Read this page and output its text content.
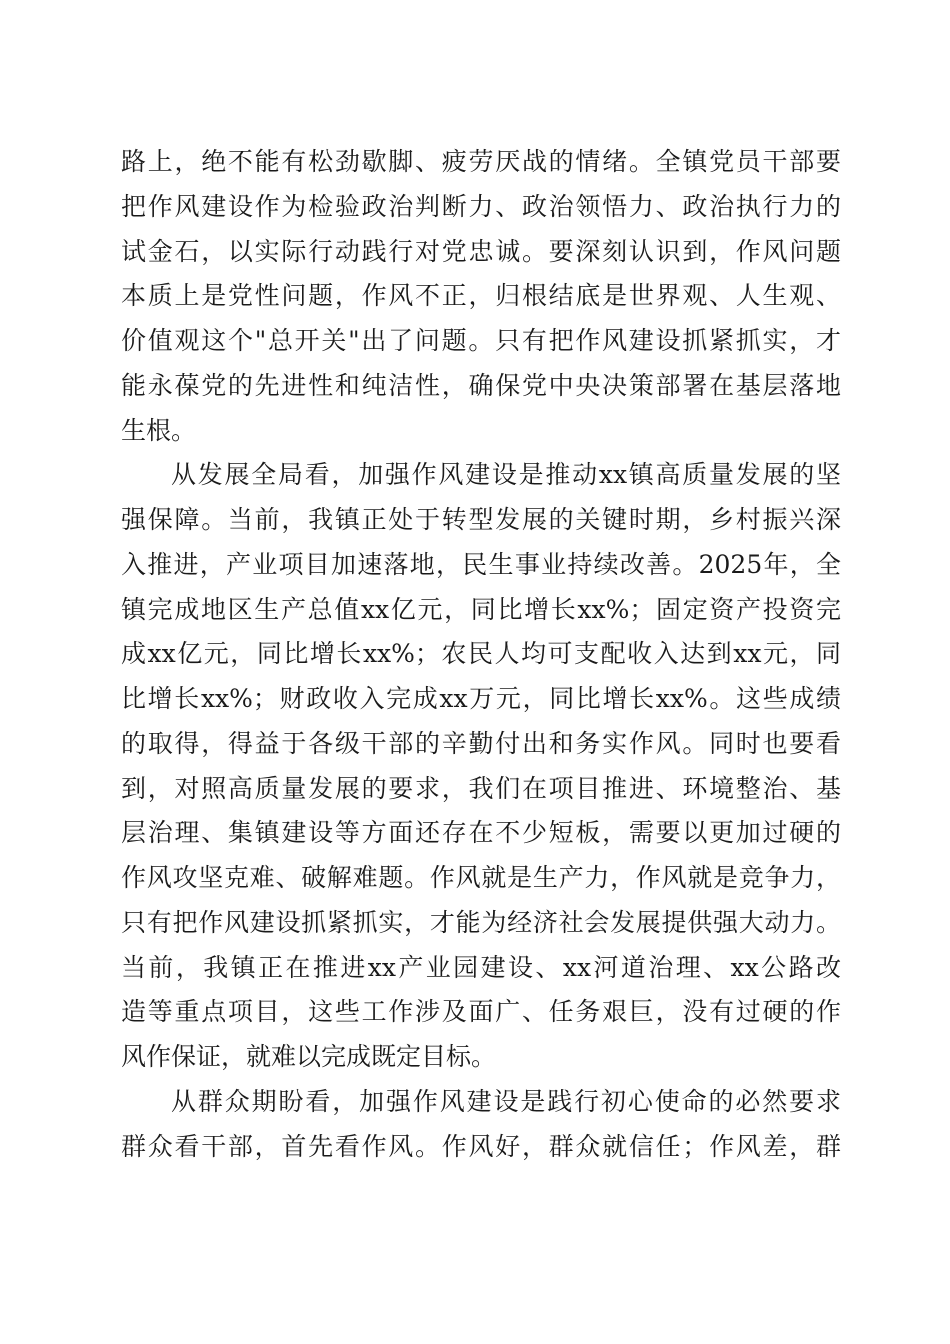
路上，绝不能有松劲歇脚、疲劳厌战的情绪。全镇党员干部要
把作风建设作为检验政治判断力、政治领悟力、政治执行力的
试金石，以实际行动践行对党忠诚。要深刻认识到，作风问题
本质上是党性问题，作风不正，归根结底是世界观、人生观、
价值观这个"总开关"出了问题。只有把作风建设抓紧抓实，才
能永葆党的先进性和纯洁性，确保党中央决策部署在基层落地
生根。
从发展全局看，加强作风建设是推动xx镇高质量发展的坚
强保障。当前，我镇正处于转型发展的关键时期，乡村振兴深
入推进，产业项目加速落地，民生事业持续改善。2025年，全
镇完成地区生产总值xx亿元，同比增长xx%；固定资产投资完
成xx亿元，同比增长xx%；农民人均可支配收入达到xx元，同
比增长xx%；财政收入完成xx万元，同比增长xx%。这些成绩
的取得，得益于各级干部的辛勤付出和务实作风。同时也要看
到，对照高质量发展的要求，我们在项目推进、环境整治、基
层治理、集镇建设等方面还存在不少短板，需要以更加过硬的
作风攻坚克难、破解难题。作风就是生产力，作风就是竞争力，
只有把作风建设抓紧抓实，才能为经济社会发展提供强大动力。
当前，我镇正在推进xx产业园建设、xx河道治理、xx公路改
造等重点项目，这些工作涉及面广、任务艰巨，没有过硬的作
风作保证，就难以完成既定目标。
从群众期盼看，加强作风建设是践行初心使命的必然要求
群众看干部，首先看作风。作风好，群众就信任；作风差，群
